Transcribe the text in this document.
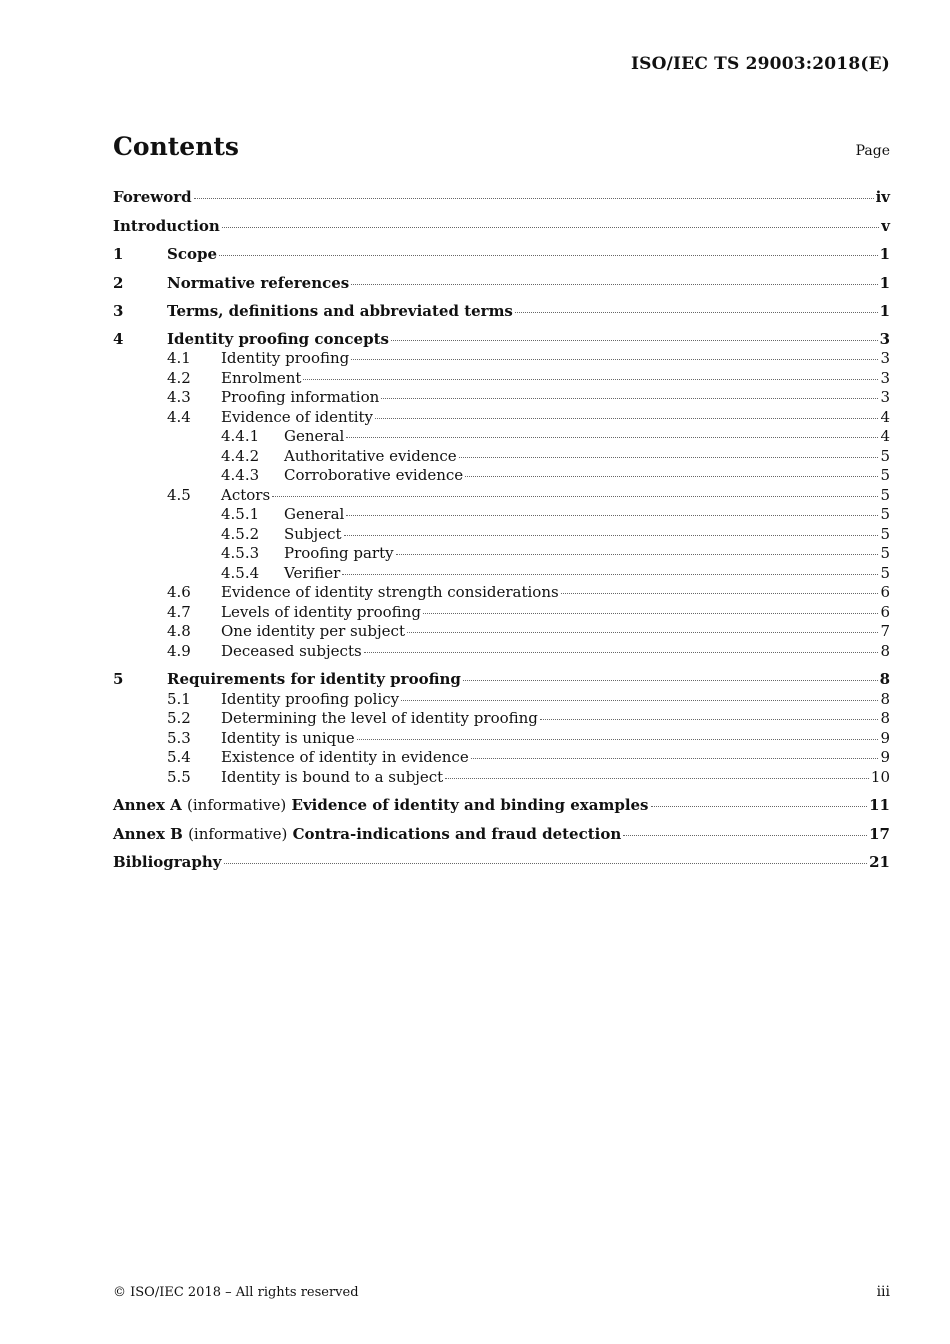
ISO/IEC TS 29003:2018(E)
Contents	Page
Foreword	iv
Introduction	v
1	Scope	1
2	Normative references	1
3	Terms, definitions and abbreviated terms	1
4	Identity proofing concepts	3
4.1	Identity proofing	3
4.2	Enrolment	3
4.3	Proofing information	3
4.4	Evidence of identity	4
4.4.1	General	4
4.4.2	Authoritative evidence	5
4.4.3	Corroborative evidence	5
4.5	Actors	5
4.5.1	General	5
4.5.2	Subject	5
4.5.3	Proofing party	5
4.5.4	Verifier	5
4.6	Evidence of identity strength considerations	6
4.7	Levels of identity proofing	6
4.8	One identity per subject	7
4.9	Deceased subjects	8
5	Requirements for identity proofing	8
5.1	Identity proofing policy	8
5.2	Determining the level of identity proofing	8
5.3	Identity is unique	9
5.4	Existence of identity in evidence	9
5.5	Identity is bound to a subject	10
Annex A (informative) Evidence of identity and binding examples	11
Annex B (informative) Contra-indications and fraud detection	17
Bibliography	21
© ISO/IEC 2018 – All rights reserved	iii
